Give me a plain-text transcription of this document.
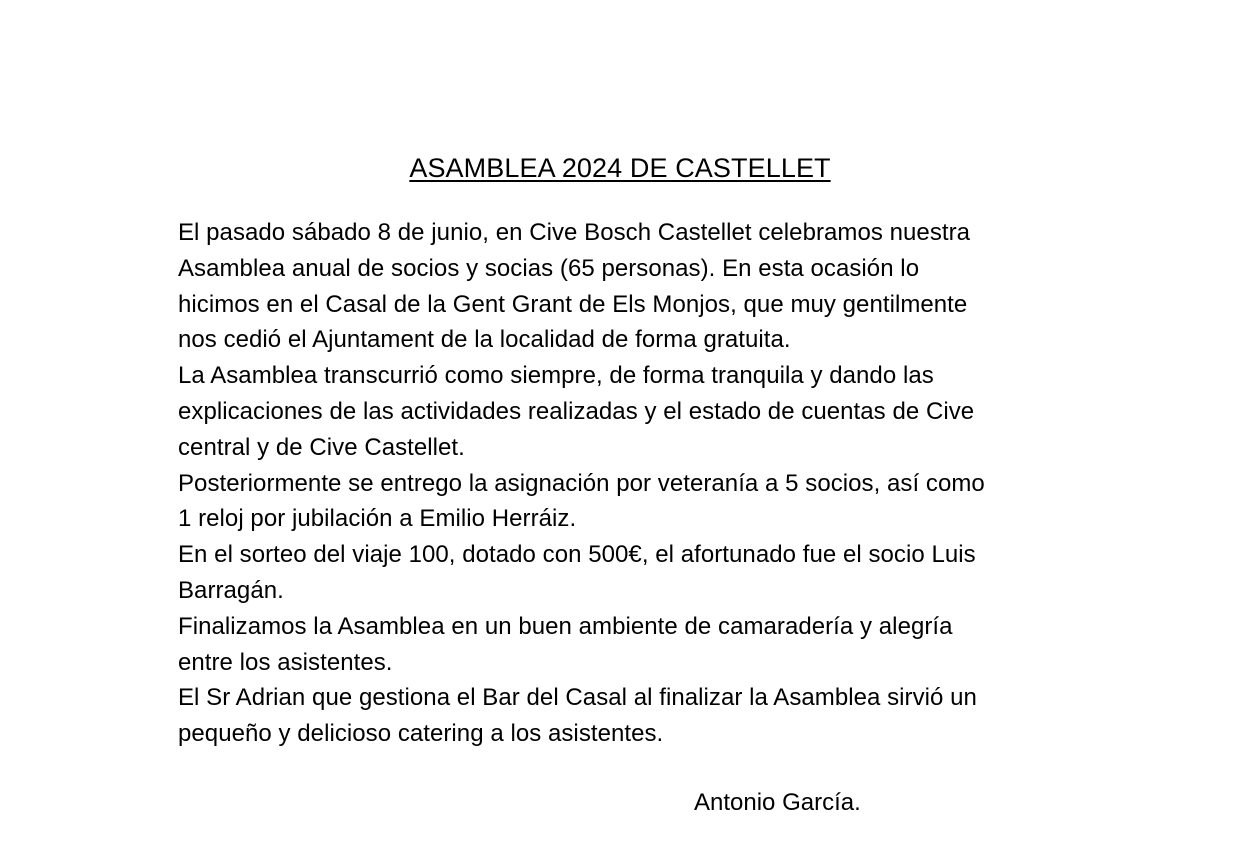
ASAMBLEA 2024 DE CASTELLET

El pasado sábado 8 de junio, en Cive Bosch Castellet celebramos nuestra
Asamblea anual de socios y socias (65 personas). En esta ocasión lo
hicimos en el Casal de la Gent Grant de Els Monjos, que muy gentilmente
nos cedió el Ajuntament de la localidad de forma gratuita.

La Asamblea transcurrió como siempre, de forma tranquila y dando las
explicaciones de las actividades realizadas y el estado de cuentas de Cive
central y de Cive Castellet.

Posteriormente se entrego la asignación por veteranía a 5 socios, así como
1 reloj por jubilación a Emilio Herráiz.

En el sorteo del viaje 100, dotado con 500€, el afortunado fue el socio Luis
Barragán.

Finalizamos la Asamblea en un buen ambiente de camaradería y alegría
entre los asistentes.

El Sr Adrian que gestiona el Bar del Casal al finalizar la Asamblea sirvió un
pequeño y delicioso catering a los asistentes.

Antonio García.
